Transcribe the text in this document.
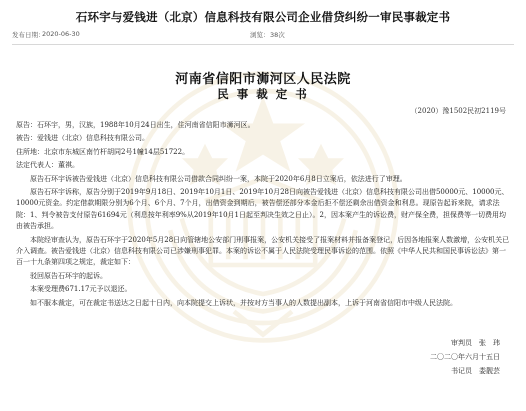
石环宇与爱钱进（北京）信息科技有限公司企业借贷纠纷一审民事裁定书
发布日期：
2020-06-30	浏览： 38次
河南省信阳市浉河区人民法院
民 事 裁 定 书
（2020）豫1502民初2119号

原告：石环宇，男，汉族，1988年10月24日出生，住河南省信阳市浉河区。

被告：爱钱进（北京）信息科技有限公司。

住所地：北京市东城区南竹杆胡同2号1幢14层51722。

法定代表人：董祺。

原告石环宇诉被告爱钱进（北京）信息科技有限公司借款合同纠纷一案，本院于2020年6月8日立案后，依法进行了审理。

原告石环宇诉称，原告分别于2019年9月18日、2019年10月1日、2019年10月28日向被告爱钱进（北京）信息科技有限公司出借50000元、10000元、10000元资金。约定借款期限分别为6个月、6个月、7个月，出借资金到期后，被告偿还部分本金后拒不偿还剩余出借资金和利息。现原告起诉来院，请求法院：1、判令被告支付原告61694元（利息按年利率9%从2019年10月1日起至判决生效之日止）。2，因本案产生的诉讼费，财产保全费，担保费等一切费用均由被告承担。

本院经审查认为，原告石环宇于2020年5月28日向管辖地公安部门刑事报案，公安机关接受了报案材料并报备案登记，后因各地报案人数激增，公安机关已介入调查。被告爱钱进（北京）信息科技有限公司已涉嫌刑事犯罪。本案的诉讼不属于人民法院受理民事诉讼的范围。依照《中华人民共和国民事诉讼法》第一百一十九条第四项之规定，裁定如下：

驳回原告石环宇的起诉。

本案受理费671.17元予以退还。

如不服本裁定，可在裁定书送达之日起十日内，向本院提交上诉状，并按对方当事人的人数提出副本，上诉于河南省信阳市中级人民法院。

审判员　张　玮
二〇二〇年六月十五日
书记员　娄靓芸
